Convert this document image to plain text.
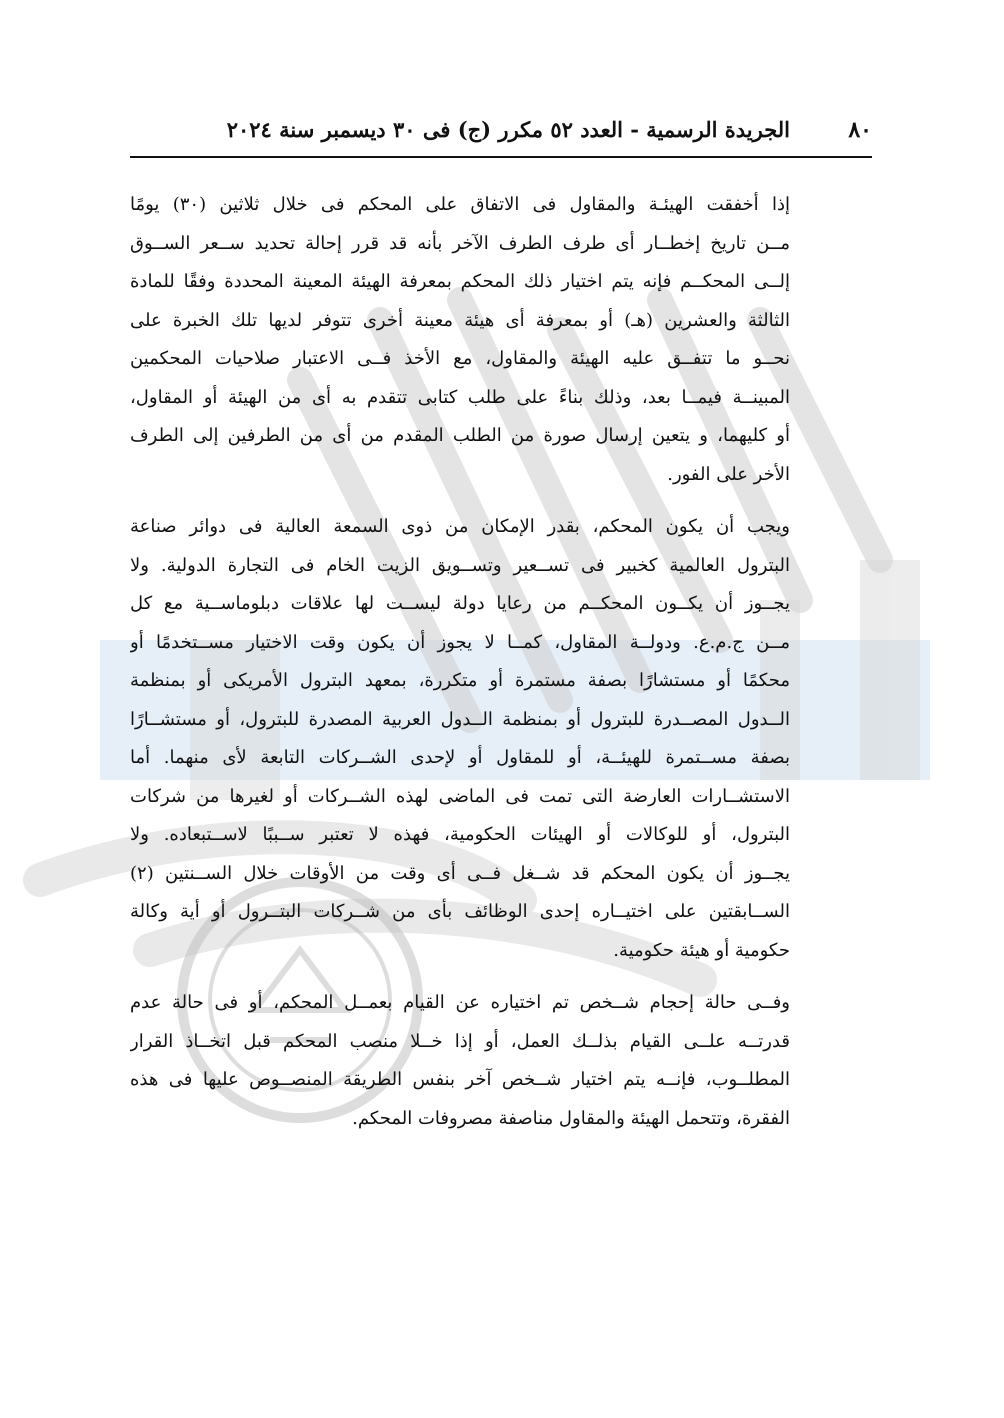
٨٠
الجريدة الرسمية - العدد ٥٢ مكرر (ج) فى ٣٠ ديسمبر سنة ٢٠٢٤
إذا أخفقت الهيئـة والمقاول فى الاتفاق على المحكم فى خلال ثلاثين (٣٠) يومًا
مــن تاريخ إخطــار أى طرف الطرف الآخر بأنه قد قرر إحالة تحديد ســعر الســوق
إلــى المحكــم فإنه يتم اختيار ذلك المحكم بمعرفة الهيئة المعينة المحددة وفقًا للمادة
الثالثة والعشرين (هـ) أو بمعرفة أى هيئة معينة أخرى تتوفر لديها تلك الخبرة على
نحــو ما تتفــق عليه الهيئة والمقاول، مع الأخذ فــى الاعتبار صلاحيات المحكمين
المبينــة فيمــا بعد، وذلك بناءً على طلب كتابى تتقدم به أى من الهيئة أو المقاول،
أو كليهما، و يتعين إرسال صورة من الطلب المقدم من أى من الطرفين إلى الطرف
الأخر على الفور.
ويجب أن يكون المحكم، بقدر الإمكان من ذوى السمعة العالية فى دوائر صناعة
البترول العالمية كخبير فى تســعير وتســويق الزيت الخام فى التجارة الدولية. ولا
يجــوز أن يكــون المحكــم من رعايا دولة ليســت لها علاقات دبلوماســية مع كل
مــن ج.م.ع. ودولــة المقاول، كمــا لا يجوز أن يكون وقت الاختيار مســتخدمًا أو
محكمًا أو مستشارًا بصفة مستمرة أو متكررة، بمعهد البترول الأمريكى أو بمنظمة
الــدول المصــدرة للبترول أو بمنظمة الــدول العربية المصدرة للبترول، أو مستشــارًا
بصفة مســتمرة للهيئــة، أو للمقاول أو لإحدى الشــركات التابعة لأى منهما. أما
الاستشــارات العارضة التى تمت فى الماضى لهذه الشــركات أو لغيرها من شركات
البترول، أو للوكالات أو الهيئات الحكومية، فهذه لا تعتبر ســببًا لاســتبعاده. ولا
يجــوز أن يكون المحكم قد شــغل فــى أى وقت من الأوقات خلال الســنتين (٢)
الســابقتين على اختيــاره إحدى الوظائف بأى من شــركات البتــرول أو أية وكالة
حكومية أو هيئة حكومية.
وفــى حالة إحجام شــخص تم اختياره عن القيام بعمــل المحكم، أو فى حالة عدم
قدرتــه علــى القيام بذلــك العمل، أو إذا خــلا منصب المحكم قبل اتخــاذ القرار
المطلــوب، فإنــه يتم اختيار شــخص آخر بنفس الطريقة المنصــوص عليها فى هذه
الفقرة، وتتحمل الهيئة والمقاول مناصفة مصروفات المحكم.
